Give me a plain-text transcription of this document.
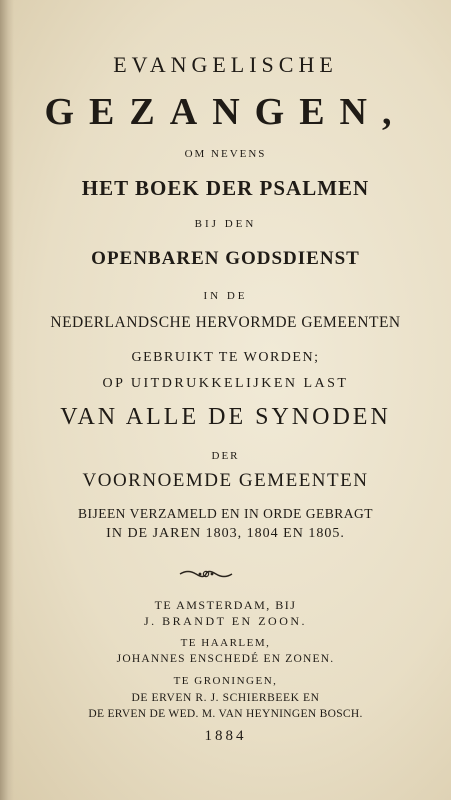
EVANGELISCHE

GEZANGEN,

OM NEVENS

HET BOEK DER PSALMEN

BIJ DEN

OPENBAREN GODSDIENST

IN DE

NEDERLANDSCHE HERVORMDE GEMEENTEN

GEBRUIKT TE WORDEN;

OP UITDRUKKELIJKEN LAST

VAN ALLE DE SYNODEN

DER

VOORNOEMDE GEMEENTEN

BIJEEN VERZAMELD EN IN ORDE GEBRAGT

IN DE JAREN 1803, 1804 EN 1805.

TE AMSTERDAM, BIJ

J. BRANDT EN ZOON.

TE HAARLEM,

JOHANNES ENSCHEDÉ EN ZONEN.

TE GRONINGEN,

DE ERVEN R. J. SCHIERBEEK EN

DE ERVEN DE WED. M. VAN HEYNINGEN BOSCH.

1884
